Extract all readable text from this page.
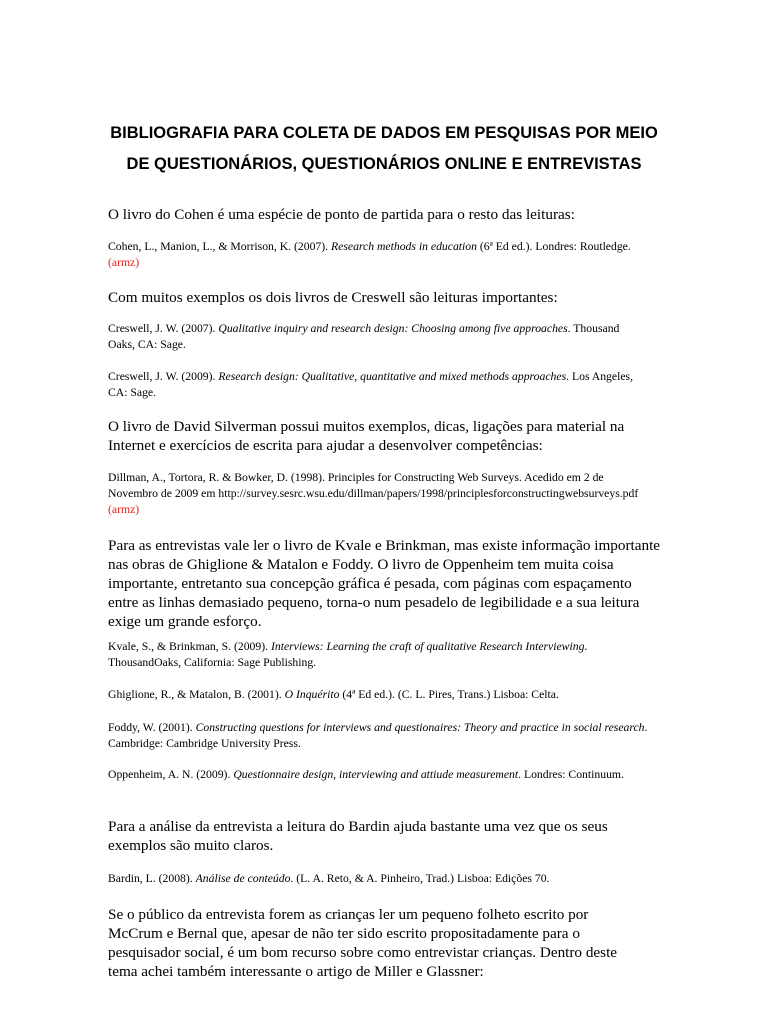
BIBLIOGRAFIA PARA COLETA DE DADOS EM PESQUISAS POR MEIO
DE QUESTIONÁRIOS, QUESTIONÁRIOS ONLINE E ENTREVISTAS

O livro do Cohen é uma espécie de ponto de partida para o resto das leituras:

Cohen, L., Manion, L., & Morrison, K. (2007). Research methods in education (6ª Ed ed.). Londres: Routledge. (armz)

Com muitos exemplos os dois livros de Creswell são leituras importantes:

Creswell, J. W. (2007). Qualitative inquiry and research design: Choosing among five approaches. Thousand Oaks, CA: Sage.

Creswell, J. W. (2009). Research design: Qualitative, quantitative and mixed methods approaches. Los Angeles, CA: Sage.

O livro de David Silverman possui muitos exemplos, dicas, ligações para material na Internet e exercícios de escrita para ajudar a desenvolver competências:

Dillman, A., Tortora, R. & Bowker, D. (1998). Principles for Constructing Web Surveys. Acedido em 2 de Novembro de 2009 em http://survey.sesrc.wsu.edu/dillman/papers/1998/principlesforconstructingwebsurveys.pdf (armz)

Para as entrevistas vale ler o livro de Kvale e Brinkman, mas existe informação importante nas obras de Ghiglione & Matalon e Foddy. O livro de Oppenheim tem muita coisa importante, entretanto sua concepção gráfica é pesada, com páginas com espaçamento entre as linhas demasiado pequeno, torna-o num pesadelo de legibilidade e a sua leitura exige um grande esforço.

Kvale, S., & Brinkman, S. (2009). Interviews: Learning the craft of qualitative Research Interviewing. ThousandOaks, California: Sage Publishing.

Ghiglione, R., & Matalon, B. (2001). O Inquérito (4ª Ed ed.). (C. L. Pires, Trans.) Lisboa: Celta.

Foddy, W. (2001). Constructing questions for interviews and questionaires: Theory and practice in social research. Cambridge: Cambridge University Press.

Oppenheim, A. N. (2009). Questionnaire design, interviewing and attiude measurement. Londres: Continuum.

Para a análise da entrevista a leitura do Bardin ajuda bastante uma vez que os seus exemplos são muito claros.

Bardin, L. (2008). Análise de conteúdo. (L. A. Reto, & A. Pinheiro, Trad.) Lisboa: Edições 70.

Se o público da entrevista forem as crianças ler um pequeno folheto escrito por McCrum e Bernal que, apesar de não ter sido escrito propositadamente para o pesquisador social, é um bom recurso sobre como entrevistar crianças. Dentro deste tema achei também interessante o artigo de Miller e Glassner:
